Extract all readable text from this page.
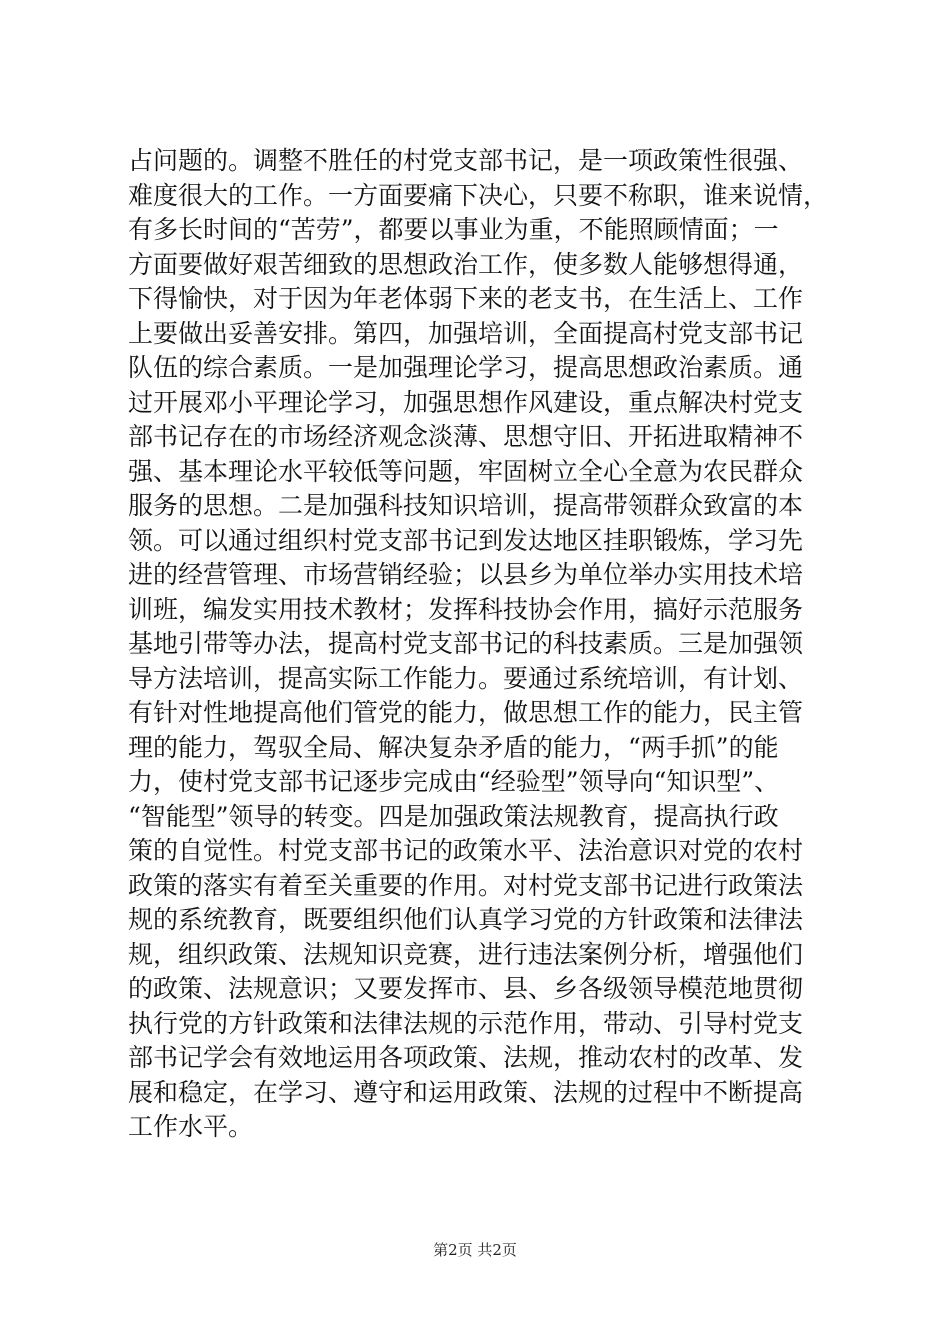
占问题的。调整不胜任的村党支部书记，是一项政策性很强、
难度很大的工作。一方面要痛下决心，只要不称职，谁来说情，
有多长时间的“苦劳”，都要以事业为重，不能照顾情面；一
方面要做好艰苦细致的思想政治工作，使多数人能够想得通，
下得愉快，对于因为年老体弱下来的老支书，在生活上、工作
上要做出妥善安排。第四，加强培训，全面提高村党支部书记
队伍的综合素质。一是加强理论学习，提高思想政治素质。通
过开展邓小平理论学习，加强思想作风建设，重点解决村党支
部书记存在的市场经济观念淡薄、思想守旧、开拓进取精神不
强、基本理论水平较低等问题，牢固树立全心全意为农民群众
服务的思想。二是加强科技知识培训，提高带领群众致富的本
领。可以通过组织村党支部书记到发达地区挂职锻炼，学习先
进的经营管理、市场营销经验；以县乡为单位举办实用技术培
训班，编发实用技术教材；发挥科技协会作用，搞好示范服务
基地引带等办法，提高村党支部书记的科技素质。三是加强领
导方法培训，提高实际工作能力。要通过系统培训，有计划、
有针对性地提高他们管党的能力，做思想工作的能力，民主管
理的能力，驾驭全局、解决复杂矛盾的能力，“两手抓”的能
力，使村党支部书记逐步完成由“经验型”领导向“知识型”、
“智能型”领导的转变。四是加强政策法规教育，提高执行政
策的自觉性。村党支部书记的政策水平、法治意识对党的农村
政策的落实有着至关重要的作用。对村党支部书记进行政策法
规的系统教育，既要组织他们认真学习党的方针政策和法律法
规，组织政策、法规知识竞赛，进行违法案例分析，增强他们
的政策、法规意识；又要发挥市、县、乡各级领导模范地贯彻
执行党的方针政策和法律法规的示范作用，带动、引导村党支
部书记学会有效地运用各项政策、法规，推动农村的改革、发
展和稳定，在学习、遵守和运用政策、法规的过程中不断提高
工作水平。
第2页 共2页
